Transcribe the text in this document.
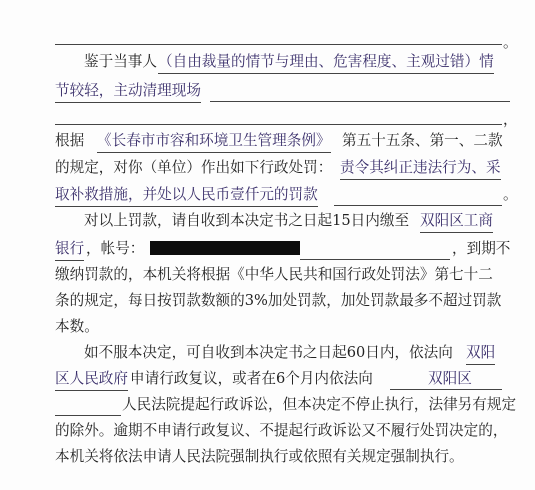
。
鉴于当事人 （自由裁量的情节与理由、危害程度、主观过错）情
节较轻，主动清理现场
，
根据 《长春市市容和环境卫生管理条例》 第五十五条、第一、二款
的规定，对你（单位）作出如下行政处罚： 责令其纠正违法行为、采
取补救措施，并处以人民币壹仟元的罚款	。
对以上罚款，请自收到本决定书之日起15日内缴至 双阳区工商
银行 ，帐号：	，到期不
缴纳罚款的，本机关将根据《中华人民共和国行政处罚法》第七十二
条的规定，每日按罚款数额的3%加处罚款，加处罚款最多不超过罚款
本数。
如不服本决定，可自收到本决定书之日起60日内，依法向 双阳
区人民政府 申请行政复议，或者在6个月内依法向	双阳区
人民法院提起行政诉讼，但本决定不停止执行，法律另有规定
的除外。逾期不申请行政复议、不提起行政诉讼又不履行处罚决定的，
本机关将依法申请人民法院强制执行或依照有关规定强制执行。
